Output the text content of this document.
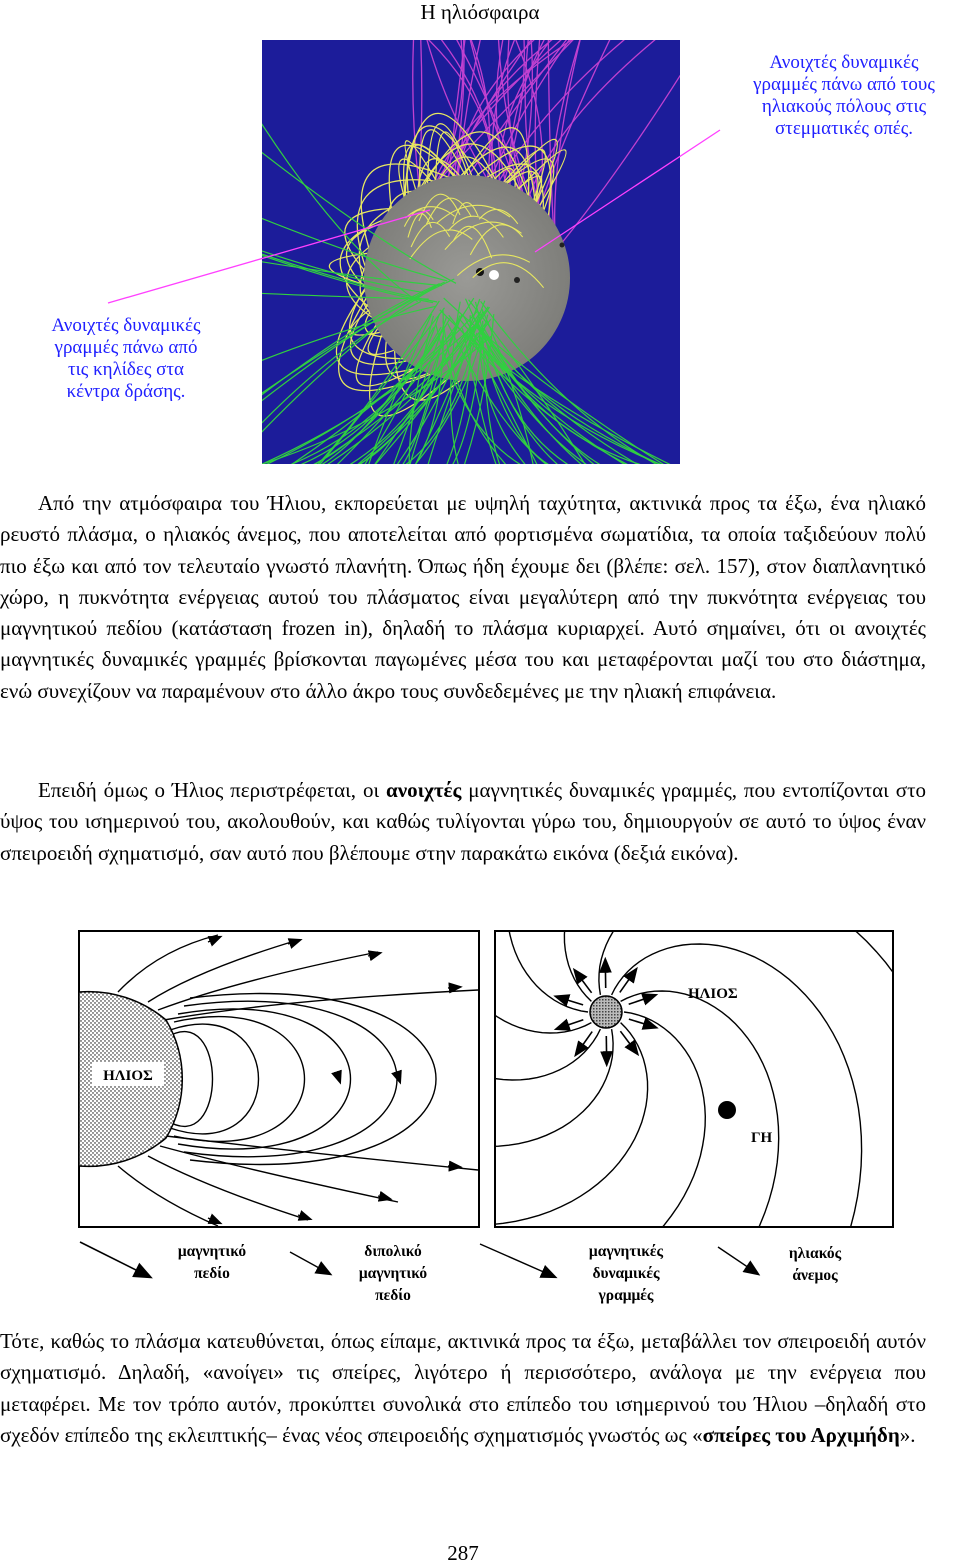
Η ηλιόσφαιρα
Ανοιχτές δυναμικές
γραμμές πάνω από τους
ηλιακούς πόλους στις
στεμματικές οπές.
Ανοιχτές δυναμικές
γραμμές πάνω από
τις κηλίδες στα
κέντρα δράσης.
Από την ατμόσφαιρα του Ήλιου, εκπορεύεται με υψηλή ταχύτητα, ακτινικά προς τα έξω, ένα ηλιακό ρευστό πλάσμα, ο ηλιακός άνεμος, που αποτελείται από φορτισμένα σωματίδια, τα οποία ταξιδεύουν πολύ πιο έξω και από τον τελευταίο γνωστό πλανήτη. Όπως ήδη έχουμε δει (βλέπε: σελ. 157), στον διαπλανητικό χώρο, η πυκνότητα ενέργειας αυτού του πλάσματος είναι μεγαλύτερη από την πυκνότητα ενέργειας του μαγνητικού πεδίου (κατάσταση frozen in), δηλαδή το πλάσμα κυριαρχεί. Αυτό σημαίνει, ότι οι ανοιχτές μαγνητικές δυναμικές γραμμές βρίσκονται παγωμένες μέσα του και μεταφέρονται μαζί του στο διάστημα, ενώ συνεχίζουν να παραμένουν στο άλλο άκρο τους συνδεδεμένες με την ηλιακή επιφάνεια.
Επειδή όμως ο Ήλιος περιστρέφεται, οι ανοιχτές μαγνητικές δυναμικές γραμμές, που εντοπίζονται στο ύψος του ισημερινού του, ακολουθούν, και καθώς τυλίγονται γύρω του, δημιουργούν σε αυτό το ύψος έναν σπειροειδή σχηματισμό, σαν αυτό που βλέπουμε στην παρακάτω εικόνα (δεξιά εικόνα).
ΗΛΙΟΣ
ΗΛΙΟΣ
ΓΗ
μαγνητικό
πεδίο
διπολικό
μαγνητικό
πεδίο
μαγνητικές
δυναμικές
γραμμές
ηλιακός
άνεμος
Τότε, καθώς το πλάσμα κατευθύνεται, όπως είπαμε, ακτινικά προς τα έξω, μεταβάλλει τον σπειροειδή αυτόν σχηματισμό. Δηλαδή, «ανοίγει» τις σπείρες, λιγότερο ή περισσότερο, ανάλογα με την ενέργεια που μεταφέρει. Με τον τρόπο αυτόν, προκύπτει συνολικά στο επίπεδο του ισημερινού του Ήλιου –δηλαδή στο σχεδόν επίπεδο της εκλειπτικής– ένας νέος σπειροειδής σχηματισμός γνωστός ως «σπείρες του Αρχιμήδη».
287
